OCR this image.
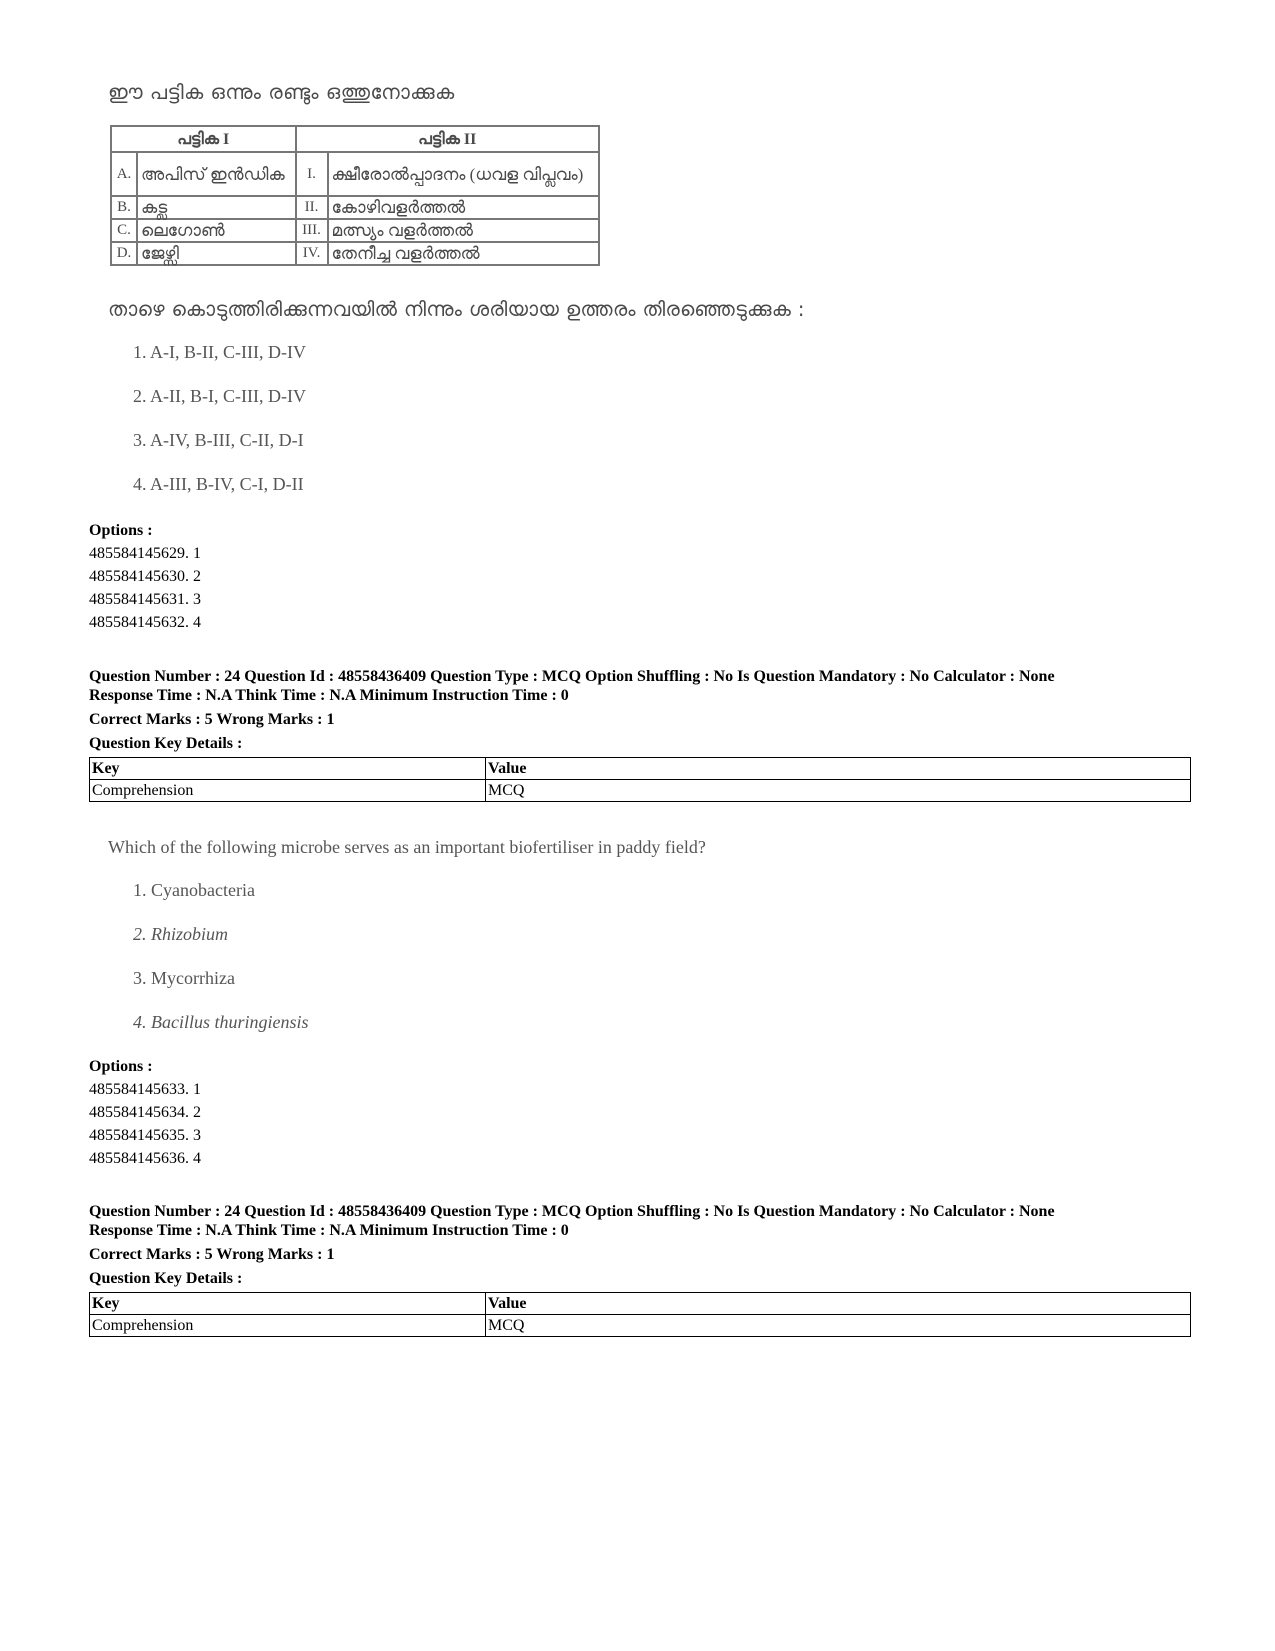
ഈ പട്ടിക ഒന്നും രണ്ടും ഒത്തുനോക്കുക
പട്ടിക I		പട്ടിക II	
A.	അപിസ് ഇൻഡിക	I.	ക്ഷീരോൽപ്പാദനം (ധവള വിപ്ലവം)
B.	കട്ല	II.	കോഴിവളർത്തൽ
C.	ലെഗോൺ	III.	മത്സ്യം വളർത്തൽ
D.	ജേഴ്സി	IV.	തേനീച്ച വളർത്തൽ
താഴെ കൊടുത്തിരിക്കുന്നവയിൽ നിന്നും ശരിയായ ഉത്തരം തിരഞ്ഞെടുക്കുക :
1. A-I, B-II, C-III, D-IV
2. A-II, B-I, C-III, D-IV
3. A-IV, B-III, C-II, D-I
4. A-III, B-IV, C-I, D-II
Options :
485584145629. 1
485584145630. 2
485584145631. 3
485584145632. 4
Question Number : 24 Question Id : 48558436409 Question Type : MCQ Option Shuffling : No Is Question Mandatory : No Calculator : None
Response Time : N.A Think Time : N.A Minimum Instruction Time : 0
Correct Marks : 5 Wrong Marks : 1
Question Key Details :
Key	Value
Comprehension	MCQ
Which of the following microbe serves as an important biofertiliser in paddy field?
1. Cyanobacteria
2. Rhizobium
3. Mycorrhiza
4. Bacillus thuringiensis
Options :
485584145633. 1
485584145634. 2
485584145635. 3
485584145636. 4
Question Number : 24 Question Id : 48558436409 Question Type : MCQ Option Shuffling : No Is Question Mandatory : No Calculator : None
Response Time : N.A Think Time : N.A Minimum Instruction Time : 0
Correct Marks : 5 Wrong Marks : 1
Question Key Details :
Key	Value
Comprehension	MCQ
